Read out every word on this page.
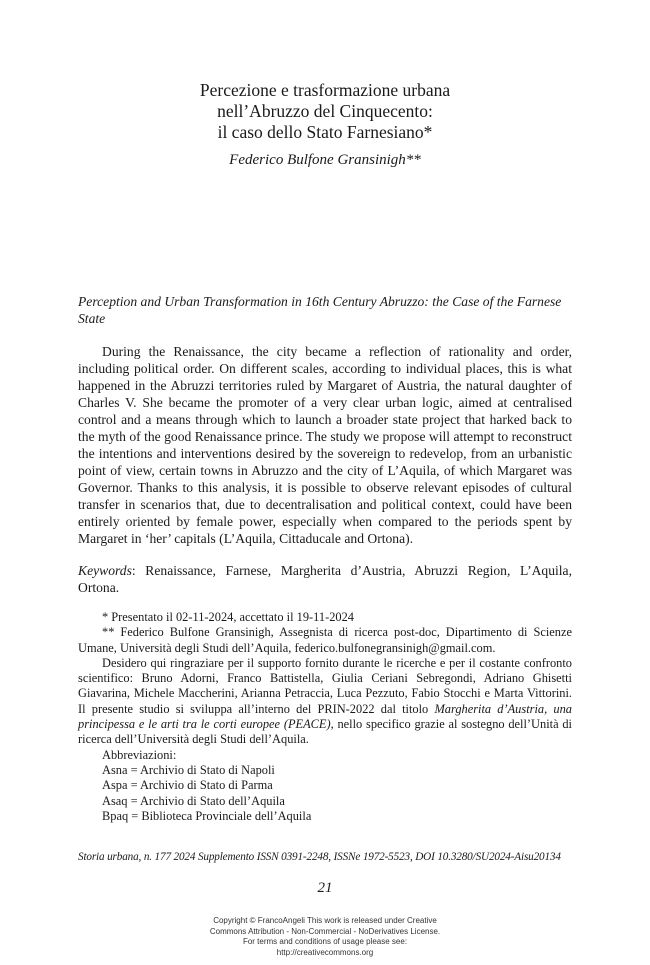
Percezione e trasformazione urbana
nell’Abruzzo del Cinquecento:
il caso dello Stato Farnesiano*
Federico Bulfone Gransinigh**
Perception and Urban Transformation in 16th Century Abruzzo: the Case of the Farnese State

During the Renaissance, the city became a reflection of rationality and order, including political order. On different scales, according to individual places, this is what happened in the Abruzzi territories ruled by Margaret of Austria, the natural daughter of Charles V. She became the promoter of a very clear urban logic, aimed at centralised control and a means through which to launch a broader state project that harked back to the myth of the good Renaissance prince. The study we propose will attempt to reconstruct the intentions and interventions desired by the sovereign to redevelop, from an urbanistic point of view, certain towns in Abruzzo and the city of L’Aquila, of which Margaret was Governor. Thanks to this analysis, it is possible to observe relevant episodes of cultural transfer in scenarios that, due to decentralisation and political context, could have been entirely oriented by female power, especially when compared to the periods spent by Margaret in ‘her’ capitals (L’Aquila, Cittaducale and Ortona).

Keywords: Renaissance, Farnese, Margherita d’Austria, Abruzzi Region, L’Aquila, Ortona.

* Presentato il 02-11-2024, accettato il 19-11-2024

** Federico Bulfone Gransinigh, Assegnista di ricerca post-doc, Dipartimento di Scienze Umane, Università degli Studi dell’Aquila, federico.bulfonegransinigh@gmail.com.

Desidero qui ringraziare per il supporto fornito durante le ricerche e per il costante confronto scientifico: Bruno Adorni, Franco Battistella, Giulia Ceriani Sebregondi, Adriano Ghisetti Giavarina, Michele Maccherini, Arianna Petraccia, Luca Pezzuto, Fabio Stocchi e Marta Vittorini. Il presente studio si sviluppa all’interno del PRIN-2022 dal titolo Margherita d’Austria, una principessa e le arti tra le corti europee (PEACE), nello specifico grazie al sostegno dell’Unità di ricerca dell’Università degli Studi dell’Aquila.

Abbreviazioni:

Asna = Archivio di Stato di Napoli
Aspa = Archivio di Stato di Parma
Asaq = Archivio di Stato dell’Aquila
Bpaq = Biblioteca Provinciale dell’Aquila
Storia urbana, n. 177 2024 Supplemento ISSN 0391-2248, ISSNe 1972-5523, DOI 10.3280/SU2024-Aisu20134
21
Copyright © FrancoAngeli This work is released under Creative
Commons Attribution - Non-Commercial - NoDerivatives License.
For terms and conditions of usage please see:
http://creativecommons.org
